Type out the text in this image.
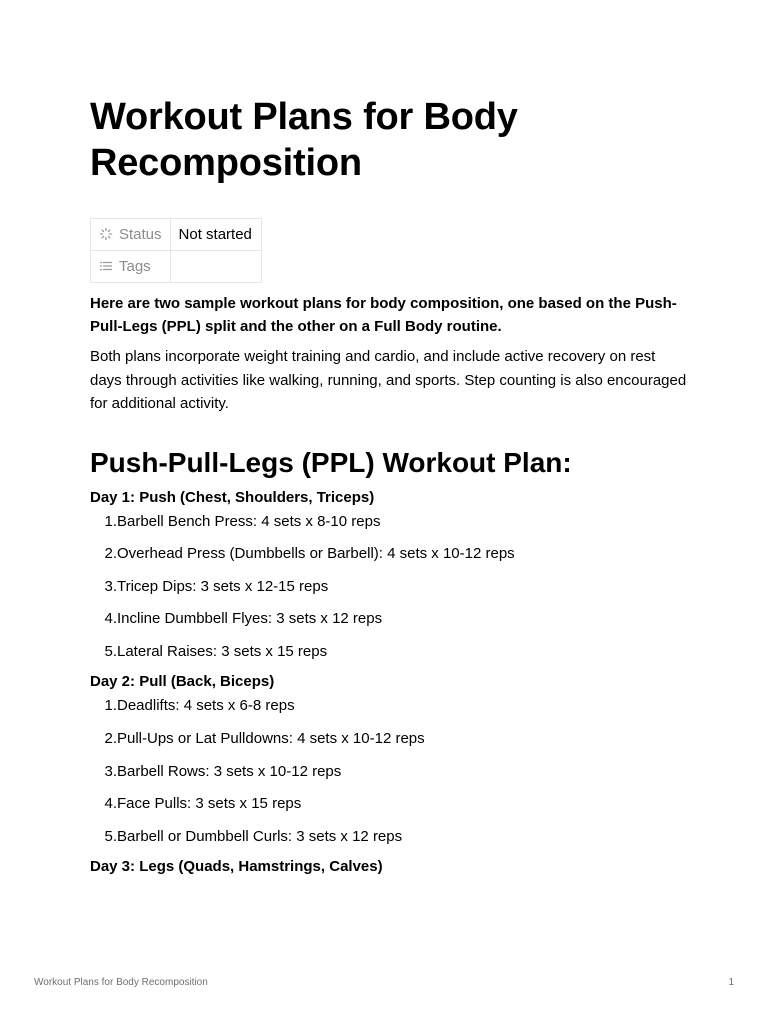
Workout Plans for Body Recomposition
Status	Not started
Tags	

Here are two sample workout plans for body composition, one based on the Push-Pull-Legs (PPL) split and the other on a Full Body routine.

Both plans incorporate weight training and cardio, and include active recovery on rest days through activities like walking, running, and sports. Step counting is also encouraged for additional activity.

Push-Pull-Legs (PPL) Workout Plan:
Day 1: Push (Chest, Shoulders, Triceps)
1. Barbell Bench Press: 4 sets x 8-10 reps
2. Overhead Press (Dumbbells or Barbell): 4 sets x 10-12 reps
3. Tricep Dips: 3 sets x 12-15 reps
4. Incline Dumbbell Flyes: 3 sets x 12 reps
5. Lateral Raises: 3 sets x 15 reps
Day 2: Pull (Back, Biceps)
1. Deadlifts: 4 sets x 6-8 reps
2. Pull-Ups or Lat Pulldowns: 4 sets x 10-12 reps
3. Barbell Rows: 3 sets x 10-12 reps
4. Face Pulls: 3 sets x 15 reps
5. Barbell or Dumbbell Curls: 3 sets x 12 reps
Day 3: Legs (Quads, Hamstrings, Calves)
Workout Plans for Body Recomposition	1
